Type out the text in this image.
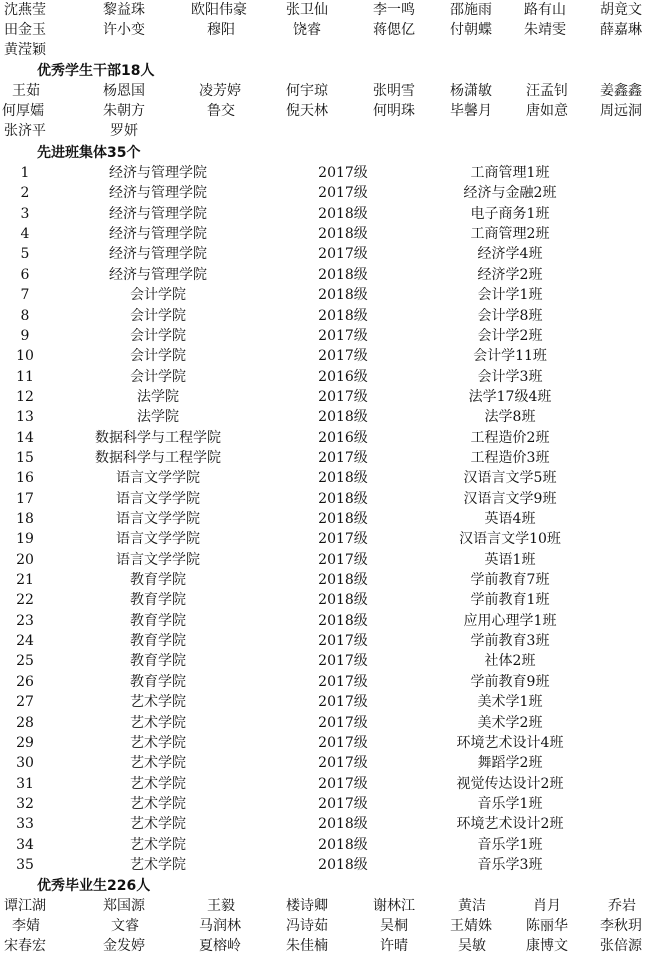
沈燕莹	黎益珠	欧阳伟豪	张卫仙	李一鸣	邵施雨 路有山 胡竟文
田金玉	许小变	穆阳	饶睿	蒋偲亿	付朝蝶 朱靖雯 薛嘉琳
黄滢颖
优秀学生干部18人
王茹	杨恩国	凌芳婷	何宇琼	张明雪	杨潇敏 汪孟钊 姜鑫鑫
何厚嬬	朱朝方	鲁交	倪天林	何明珠	毕馨月 唐如意 周远洞
张济平	罗妍
先进班集体35个
1	经济与管理学院	2017级	工商管理1班
2	经济与管理学院	2017级	经济与金融2班
3	经济与管理学院	2018级	电子商务1班
4	经济与管理学院	2018级	工商管理2班
5	经济与管理学院	2017级	经济学4班
6	经济与管理学院	2018级	经济学2班
7	会计学院	2018级	会计学1班
8	会计学院	2018级	会计学8班
9	会计学院	2017级	会计学2班
10	会计学院	2017级	会计学11班
11	会计学院	2016级	会计学3班
12	法学院	2017级	法学17级4班
13	法学院	2018级	法学8班
14	数据科学与工程学院	2016级	工程造价2班
15	数据科学与工程学院	2017级	工程造价3班
16	语言文学学院	2018级	汉语言文学5班
17	语言文学学院	2018级	汉语言文学9班
18	语言文学学院	2018级	英语4班
19	语言文学学院	2017级	汉语言文学10班
20	语言文学学院	2017级	英语1班
21	教育学院	2018级	学前教育7班
22	教育学院	2018级	学前教育1班
23	教育学院	2018级	应用心理学1班
24	教育学院	2017级	学前教育3班
25	教育学院	2017级	社体2班
26	教育学院	2017级	学前教育9班
27	艺术学院	2017级	美术学1班
28	艺术学院	2017级	美术学2班
29	艺术学院	2017级	环境艺术设计4班
30	艺术学院	2017级	舞蹈学2班
31	艺术学院	2017级	视觉传达设计2班
32	艺术学院	2017级	音乐学1班
33	艺术学院	2018级	环境艺术设计2班
34	艺术学院	2018级	音乐学1班
35	艺术学院	2018级	音乐学3班
优秀毕业生226人
谭江湖	郑国源	王毅	楼诗卿	谢林江	黄洁	肖月	乔岩
李婧	文睿	马润林	冯诗茹	吴桐	王婧姝 陈丽华 李秋玥
宋春宏	金发婷	夏榕岭	朱佳楠	许晴	吴敏	康博文 张倍源
